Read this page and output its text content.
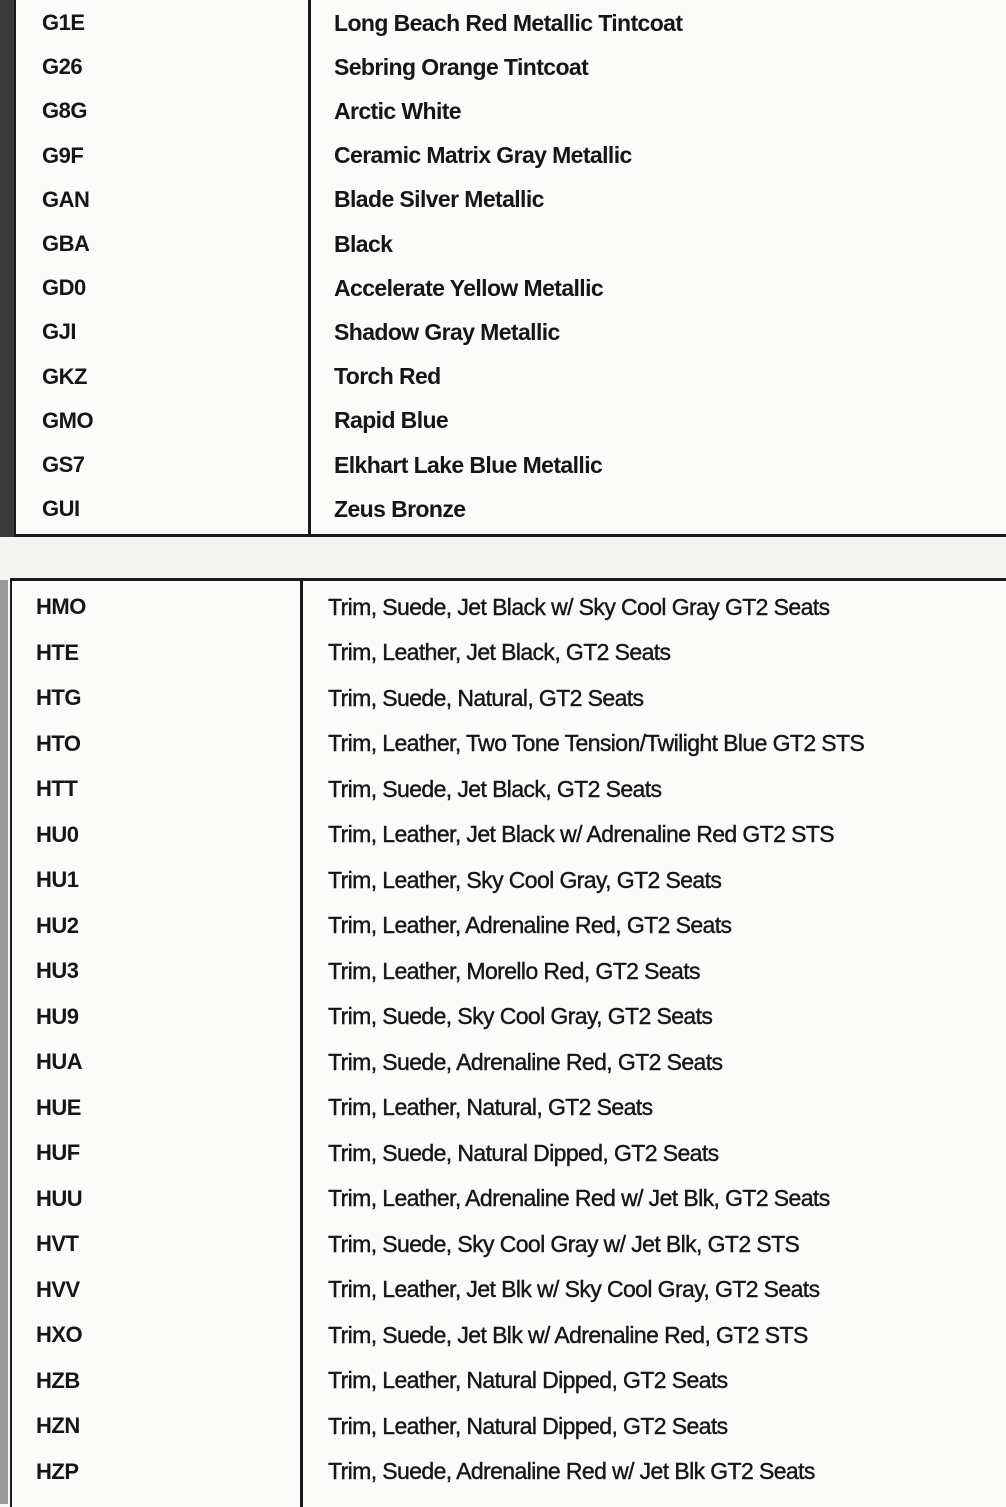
G1E	Long Beach Red Metallic Tintcoat
G26	Sebring Orange Tintcoat
G8G	Arctic White
G9F	Ceramic Matrix Gray Metallic
GAN	Blade Silver Metallic
GBA	Black
GD0	Accelerate Yellow Metallic
GJI	Shadow Gray Metallic
GKZ	Torch Red
GMO	Rapid Blue
GS7	Elkhart Lake Blue Metallic
GUI	Zeus Bronze
HMO	Trim, Suede, Jet Black w/ Sky Cool Gray GT2 Seats
HTE	Trim, Leather, Jet Black, GT2 Seats
HTG	Trim, Suede, Natural, GT2 Seats
HTO	Trim, Leather, Two Tone Tension/Twilight Blue GT2 STS
HTT	Trim, Suede, Jet Black, GT2 Seats
HU0	Trim, Leather, Jet Black w/ Adrenaline Red GT2 STS
HU1	Trim, Leather, Sky Cool Gray, GT2 Seats
HU2	Trim, Leather, Adrenaline Red, GT2 Seats
HU3	Trim, Leather, Morello Red, GT2 Seats
HU9	Trim, Suede, Sky Cool Gray, GT2 Seats
HUA	Trim, Suede, Adrenaline Red, GT2 Seats
HUE	Trim, Leather, Natural, GT2 Seats
HUF	Trim, Suede, Natural Dipped, GT2 Seats
HUU	Trim, Leather, Adrenaline Red w/ Jet Blk, GT2 Seats
HVT	Trim, Suede, Sky Cool Gray w/ Jet Blk, GT2 STS
HVV	Trim, Leather, Jet Blk w/ Sky Cool Gray, GT2 Seats
HXO	Trim, Suede, Jet Blk w/ Adrenaline Red, GT2 STS
HZB	Trim, Leather, Natural Dipped, GT2 Seats
HZN	Trim, Leather, Natural Dipped, GT2 Seats
HZP	Trim, Suede, Adrenaline Red w/ Jet Blk GT2 Seats
